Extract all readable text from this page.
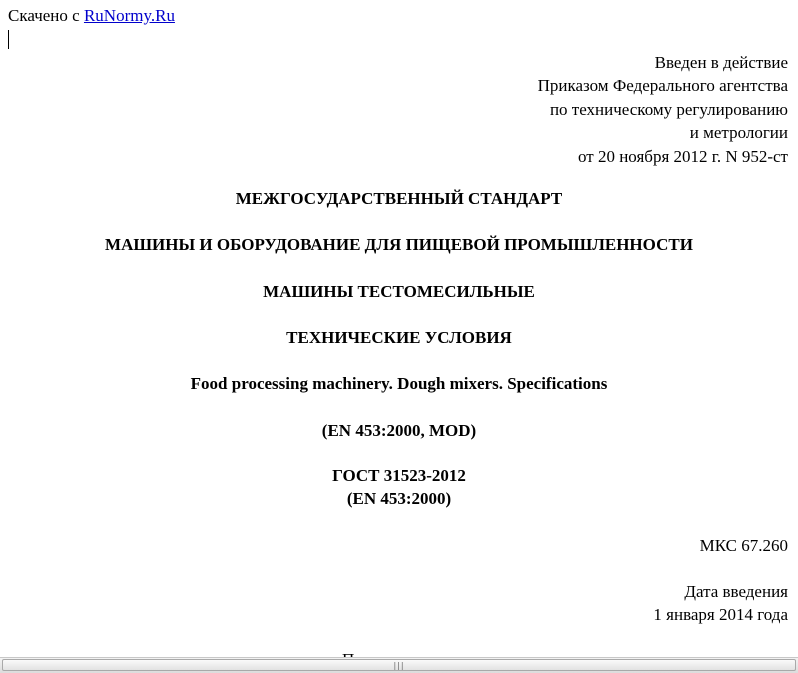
Скачено с RuNormy.Ru
Введен в действие
Приказом Федерального агентства
по техническому регулированию
и метрологии
от 20 ноября 2012 г. N 952-ст
МЕЖГОСУДАРСТВЕННЫЙ СТАНДАРТ
МАШИНЫ И ОБОРУДОВАНИЕ ДЛЯ ПИЩЕВОЙ ПРОМЫШЛЕННОСТИ
МАШИНЫ ТЕСТОМЕСИЛЬНЫЕ
ТЕХНИЧЕСКИЕ УСЛОВИЯ
Food processing machinery. Dough mixers. Specifications
(EN 453:2000, MOD)
ГОСТ 31523-2012
(EN 453:2000)
МКС 67.260
Дата введения
1 января 2014 года
|||
